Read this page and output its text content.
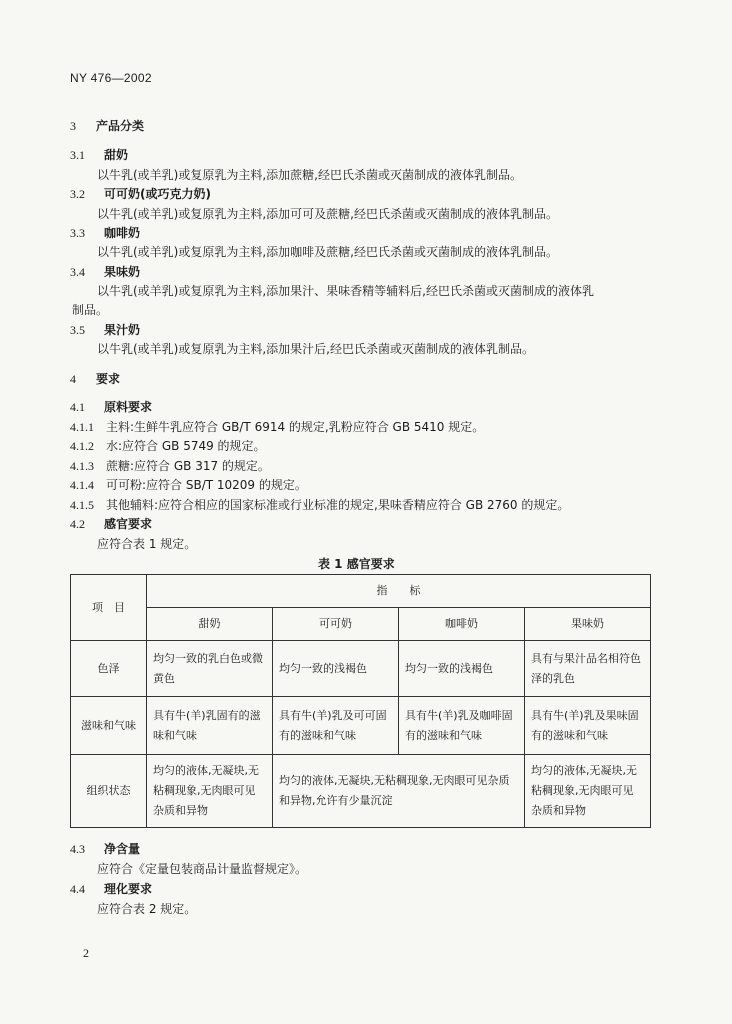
NY 476—2002
3 产品分类
3.1 甜奶
以牛乳(或羊乳)或复原乳为主料,添加蔗糖,经巴氏杀菌或灭菌制成的液体乳制品。
3.2 可可奶(或巧克力奶)
以牛乳(或羊乳)或复原乳为主料,添加可可及蔗糖,经巴氏杀菌或灭菌制成的液体乳制品。
3.3 咖啡奶
以牛乳(或羊乳)或复原乳为主料,添加咖啡及蔗糖,经巴氏杀菌或灭菌制成的液体乳制品。
3.4 果味奶
以牛乳(或羊乳)或复原乳为主料,添加果汁、果味香精等辅料后,经巴氏杀菌或灭菌制成的液体乳
制品。
3.5 果汁奶
以牛乳(或羊乳)或复原乳为主料,添加果汁后,经巴氏杀菌或灭菌制成的液体乳制品。
4 要求
4.1 原料要求
4.1.1 主料:生鲜牛乳应符合 GB/T 6914 的规定,乳粉应符合 GB 5410 规定。
4.1.2 水:应符合 GB 5749 的规定。
4.1.3 蔗糖:应符合 GB 317 的规定。
4.1.4 可可粉:应符合 SB/T 10209 的规定。
4.1.5 其他辅料:应符合相应的国家标准或行业标准的规定,果味香精应符合 GB 2760 的规定。
4.2 感官要求
应符合表 1 规定。
表 1 感官要求
项　目	指　　标			
	甜奶	可可奶	咖啡奶	果味奶
色泽	均匀一致的乳白色或微黄色	均匀一致的浅褐色	均匀一致的浅褐色	具有与果汁品名相符色泽的乳色
滋味和气味	具有牛(羊)乳固有的滋味和气味	具有牛(羊)乳及可可固有的滋味和气味	具有牛(羊)乳及咖啡固有的滋味和气味	具有牛(羊)乳及果味固有的滋味和气味
组织状态	均匀的液体,无凝块,无粘稠现象,无肉眼可见杂质和异物	均匀的液体,无凝块,无粘稠现象,无肉眼可见杂质和异物,允许有少量沉淀		均匀的液体,无凝块,无粘稠现象,无肉眼可见杂质和异物
4.3 净含量
应符合《定量包装商品计量监督规定》。
4.4 理化要求
应符合表 2 规定。
2
